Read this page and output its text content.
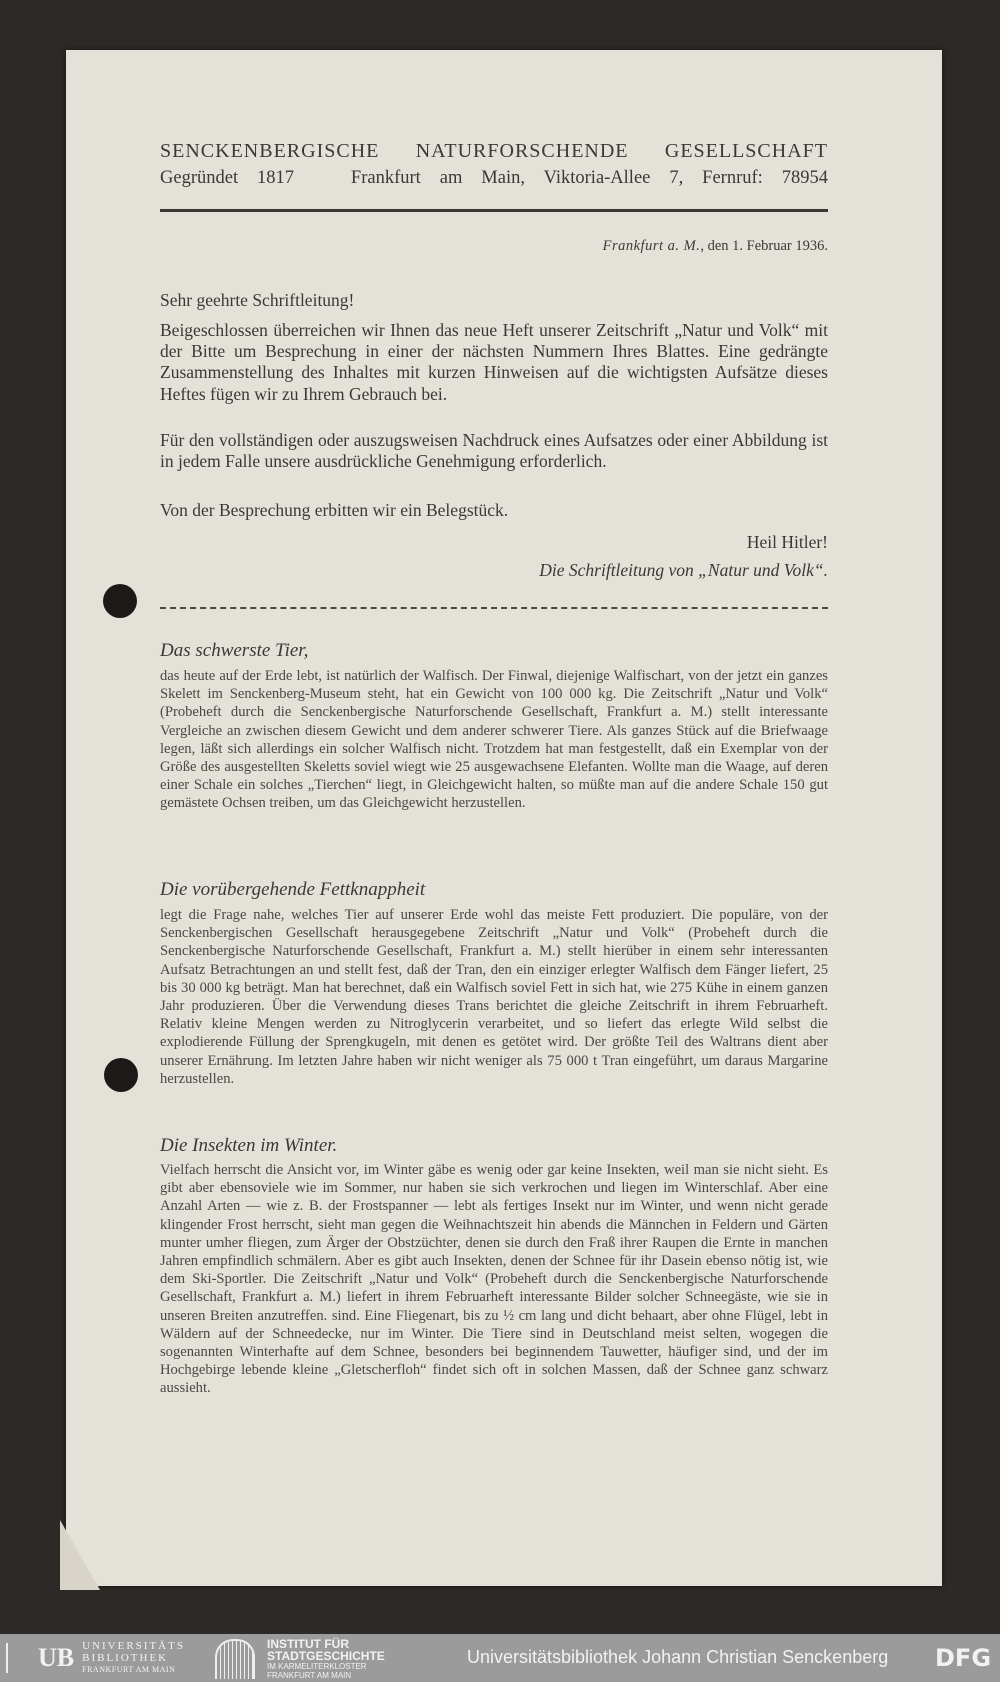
SENCKENBERGISCHE NATURFORSCHENDE GESELLSCHAFT
Gegründet 1817	Frankfurt am Main, Viktoria-Allee 7, Fernruf: 78954
Frankfurt a. M., den 1. Februar 1936.
Sehr geehrte Schriftleitung!
Beigeschlossen überreichen wir Ihnen das neue Heft unserer Zeitschrift „Natur und Volk“ mit der Bitte um Besprechung in einer der nächsten Nummern Ihres Blattes. Eine gedrängte Zusammenstellung des Inhaltes mit kurzen Hinweisen auf die wichtigsten Aufsätze dieses Heftes fügen wir zu Ihrem Gebrauch bei.
Für den vollständigen oder auszugsweisen Nachdruck eines Aufsatzes oder einer Abbildung ist in jedem Falle unsere ausdrückliche Genehmigung erforderlich.
Von der Besprechung erbitten wir ein Belegstück.
Heil Hitler!
Die Schriftleitung von „Natur und Volk“.
Das schwerste Tier,
das heute auf der Erde lebt, ist natürlich der Walfisch. Der Finwal, diejenige Walfischart, von der jetzt ein ganzes Skelett im Senckenberg-Museum steht, hat ein Gewicht von 100 000 kg. Die Zeitschrift „Natur und Volk“ (Probeheft durch die Senckenbergische Naturforschende Gesellschaft, Frankfurt a. M.) stellt interessante Vergleiche an zwischen diesem Gewicht und dem anderer schwerer Tiere. Als ganzes Stück auf die Briefwaage legen, läßt sich allerdings ein solcher Walfisch nicht. Trotzdem hat man festgestellt, daß ein Exemplar von der Größe des ausgestellten Skeletts soviel wiegt wie 25 ausgewachsene Elefanten. Wollte man die Waage, auf deren einer Schale ein solches „Tierchen“ liegt, in Gleichgewicht halten, so müßte man auf die andere Schale 150 gut gemästete Ochsen treiben, um das Gleichgewicht herzustellen.
Die vorübergehende Fettknappheit
legt die Frage nahe, welches Tier auf unserer Erde wohl das meiste Fett produziert. Die populäre, von der Senckenbergischen Gesellschaft herausgegebene Zeitschrift „Natur und Volk“ (Probeheft durch die Senckenbergische Naturforschende Gesellschaft, Frankfurt a. M.) stellt hierüber in einem sehr interessanten Aufsatz Betrachtungen an und stellt fest, daß der Tran, den ein einziger erlegter Walfisch dem Fänger liefert, 25 bis 30 000 kg beträgt. Man hat berechnet, daß ein Walfisch soviel Fett in sich hat, wie 275 Kühe in einem ganzen Jahr produzieren. Über die Verwendung dieses Trans berichtet die gleiche Zeitschrift in ihrem Februarheft. Relativ kleine Mengen werden zu Nitroglycerin verarbeitet, und so liefert das erlegte Wild selbst die explodierende Füllung der Sprengkugeln, mit denen es getötet wird. Der größte Teil des Waltrans dient aber unserer Ernährung. Im letzten Jahre haben wir nicht weniger als 75 000 t Tran eingeführt, um daraus Margarine herzustellen.
Die Insekten im Winter.
Vielfach herrscht die Ansicht vor, im Winter gäbe es wenig oder gar keine Insekten, weil man sie nicht sieht. Es gibt aber ebensoviele wie im Sommer, nur haben sie sich verkrochen und liegen im Winterschlaf. Aber eine Anzahl Arten — wie z. B. der Frostspanner — lebt als fertiges Insekt nur im Winter, und wenn nicht gerade klingender Frost herrscht, sieht man gegen die Weihnachtszeit hin abends die Männchen in Feldern und Gärten munter umher fliegen, zum Ärger der Obstzüchter, denen sie durch den Fraß ihrer Raupen die Ernte in manchen Jahren empfindlich schmälern. Aber es gibt auch Insekten, denen der Schnee für ihr Dasein ebenso nötig ist, wie dem Ski-Sportler. Die Zeitschrift „Natur und Volk“ (Probeheft durch die Senckenbergische Naturforschende Gesellschaft, Frankfurt a. M.) liefert in ihrem Februarheft interessante Bilder solcher Schneegäste, wie sie in unseren Breiten anzutreffen. sind. Eine Fliegenart, bis zu ½ cm lang und dicht behaart, aber ohne Flügel, lebt in Wäldern auf der Schneedecke, nur im Winter. Die Tiere sind in Deutschland meist selten, wogegen die sogenannten Winterhafte auf dem Schnee, besonders bei beginnendem Tauwetter, häufiger sind, und der im Hochgebirge lebende kleine „Gletscherfloh“ findet sich oft in solchen Massen, daß der Schnee ganz schwarz aussieht.
UB UNIVERSITÄTS
BIBLIOTHEK
FRANKFURT AM MAIN
INSTITUT FÜR
STADTGESCHICHTE
IM KARMELITERKLOSTER
FRANKFURT AM MAIN
Universitätsbibliothek Johann Christian Senckenberg DFG
